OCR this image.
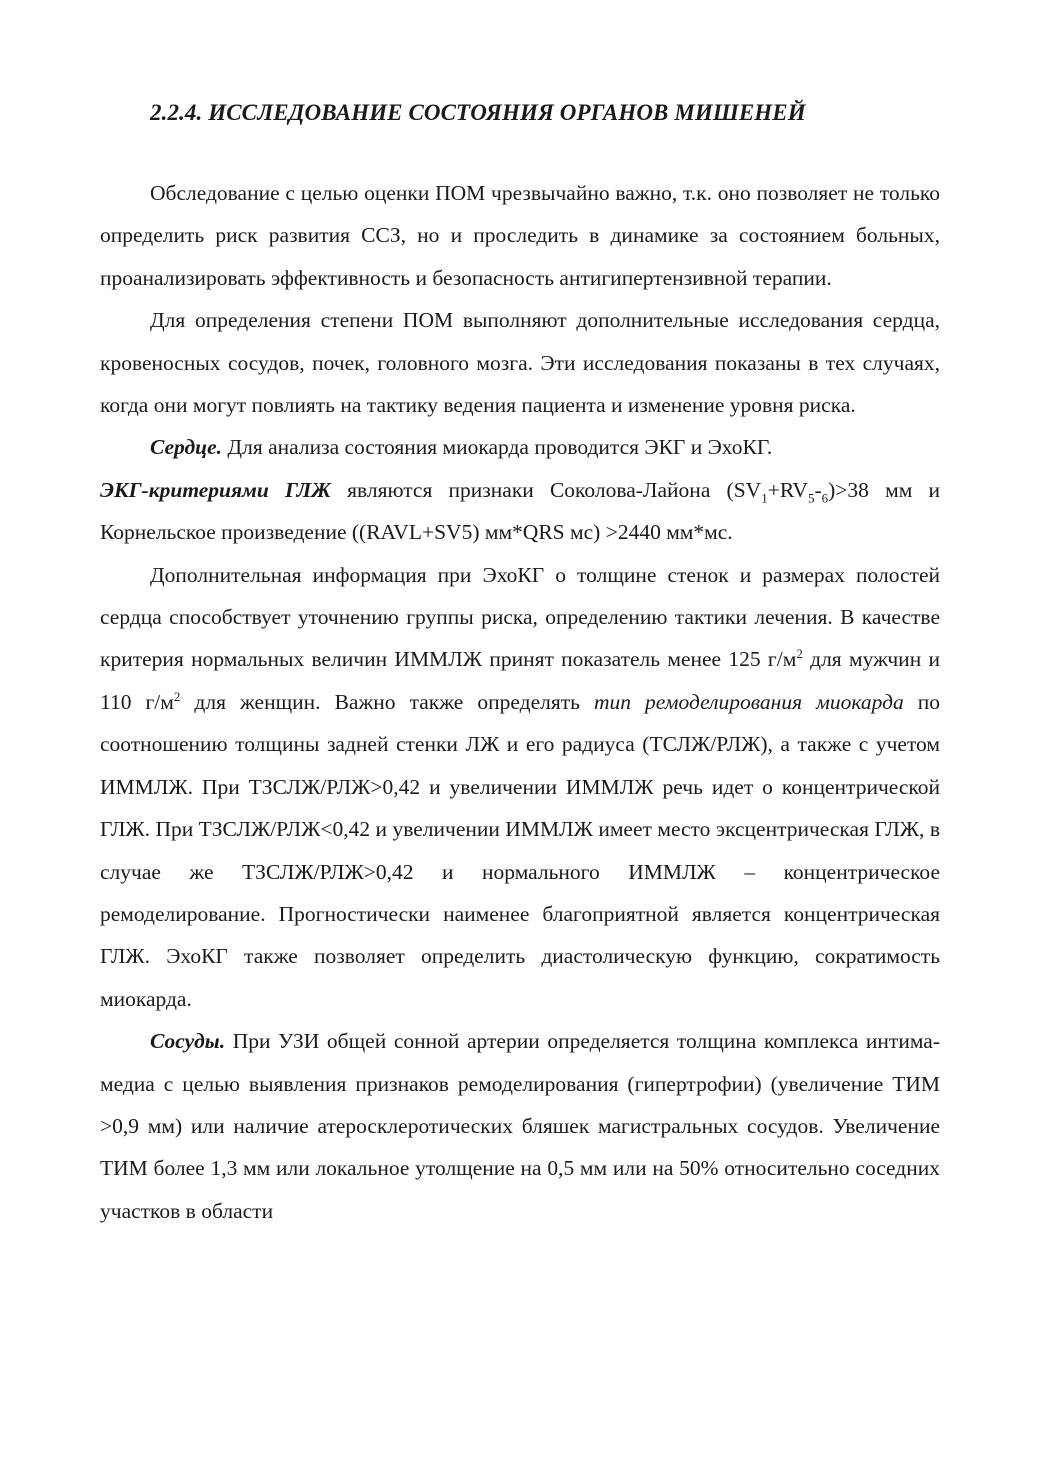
2.2.4. ИССЛЕДОВАНИЕ СОСТОЯНИЯ ОРГАНОВ МИШЕНЕЙ

Обследование с целью оценки ПОМ чрезвычайно важно, т.к. оно позволяет не только определить риск развития ССЗ, но и проследить в динамике за состоянием больных, проанализировать эффективность и безопасность антигипертензивной терапии.

Для определения степени ПОМ выполняют дополнительные исследования сердца, кровеносных сосудов, почек, головного мозга. Эти исследования показаны в тех случаях, когда они могут повлиять на тактику ведения пациента и изменение уровня риска.

Сердце. Для анализа состояния миокарда проводится ЭКГ и ЭхоКГ.

ЭКГ-критериями ГЛЖ являются признаки Соколова-Лайона $(SV_1+RV_5-_6)>38$ мм и Корнельское произведение ((RAVL+SV5) мм*QRS мс) >2440 мм*мс.

Дополнительная информация при ЭхоКГ о толщине стенок и размерах полостей сердца способствует уточнению группы риска, определению тактики лечения. В качестве критерия нормальных величин ИММЛЖ принят показатель менее 125 $г/м^2$ для мужчин и 110 $г/м^2$ для женщин. Важно также определять тип ремоделирования миокарда по соотношению толщины задней стенки ЛЖ и его радиуса (ТСЛЖ/РЛЖ), а также с учетом ИММЛЖ. При ТЗСЛЖ/РЛЖ>0,42 и увеличении ИММЛЖ речь идет о концентрической ГЛЖ. При ТЗСЛЖ/РЛЖ<0,42 и увеличении ИММЛЖ имеет место эксцентрическая ГЛЖ, в случае же ТЗСЛЖ/РЛЖ>0,42 и нормального ИММЛЖ – концентрическое ремоделирование. Прогностически наименее благоприятной является концентрическая ГЛЖ. ЭхоКГ также позволяет определить диастолическую функцию, сократимость миокарда.

Сосуды. При УЗИ общей сонной артерии определяется толщина комплекса интима-медиа с целью выявления признаков ремоделирования (гипертрофии) (увеличение ТИМ >0,9 мм) или наличие атеросклеротических бляшек магистральных сосудов. Увеличение ТИМ более 1,3 мм или локальное утолщение на 0,5 мм или на 50% относительно соседних участков в области
